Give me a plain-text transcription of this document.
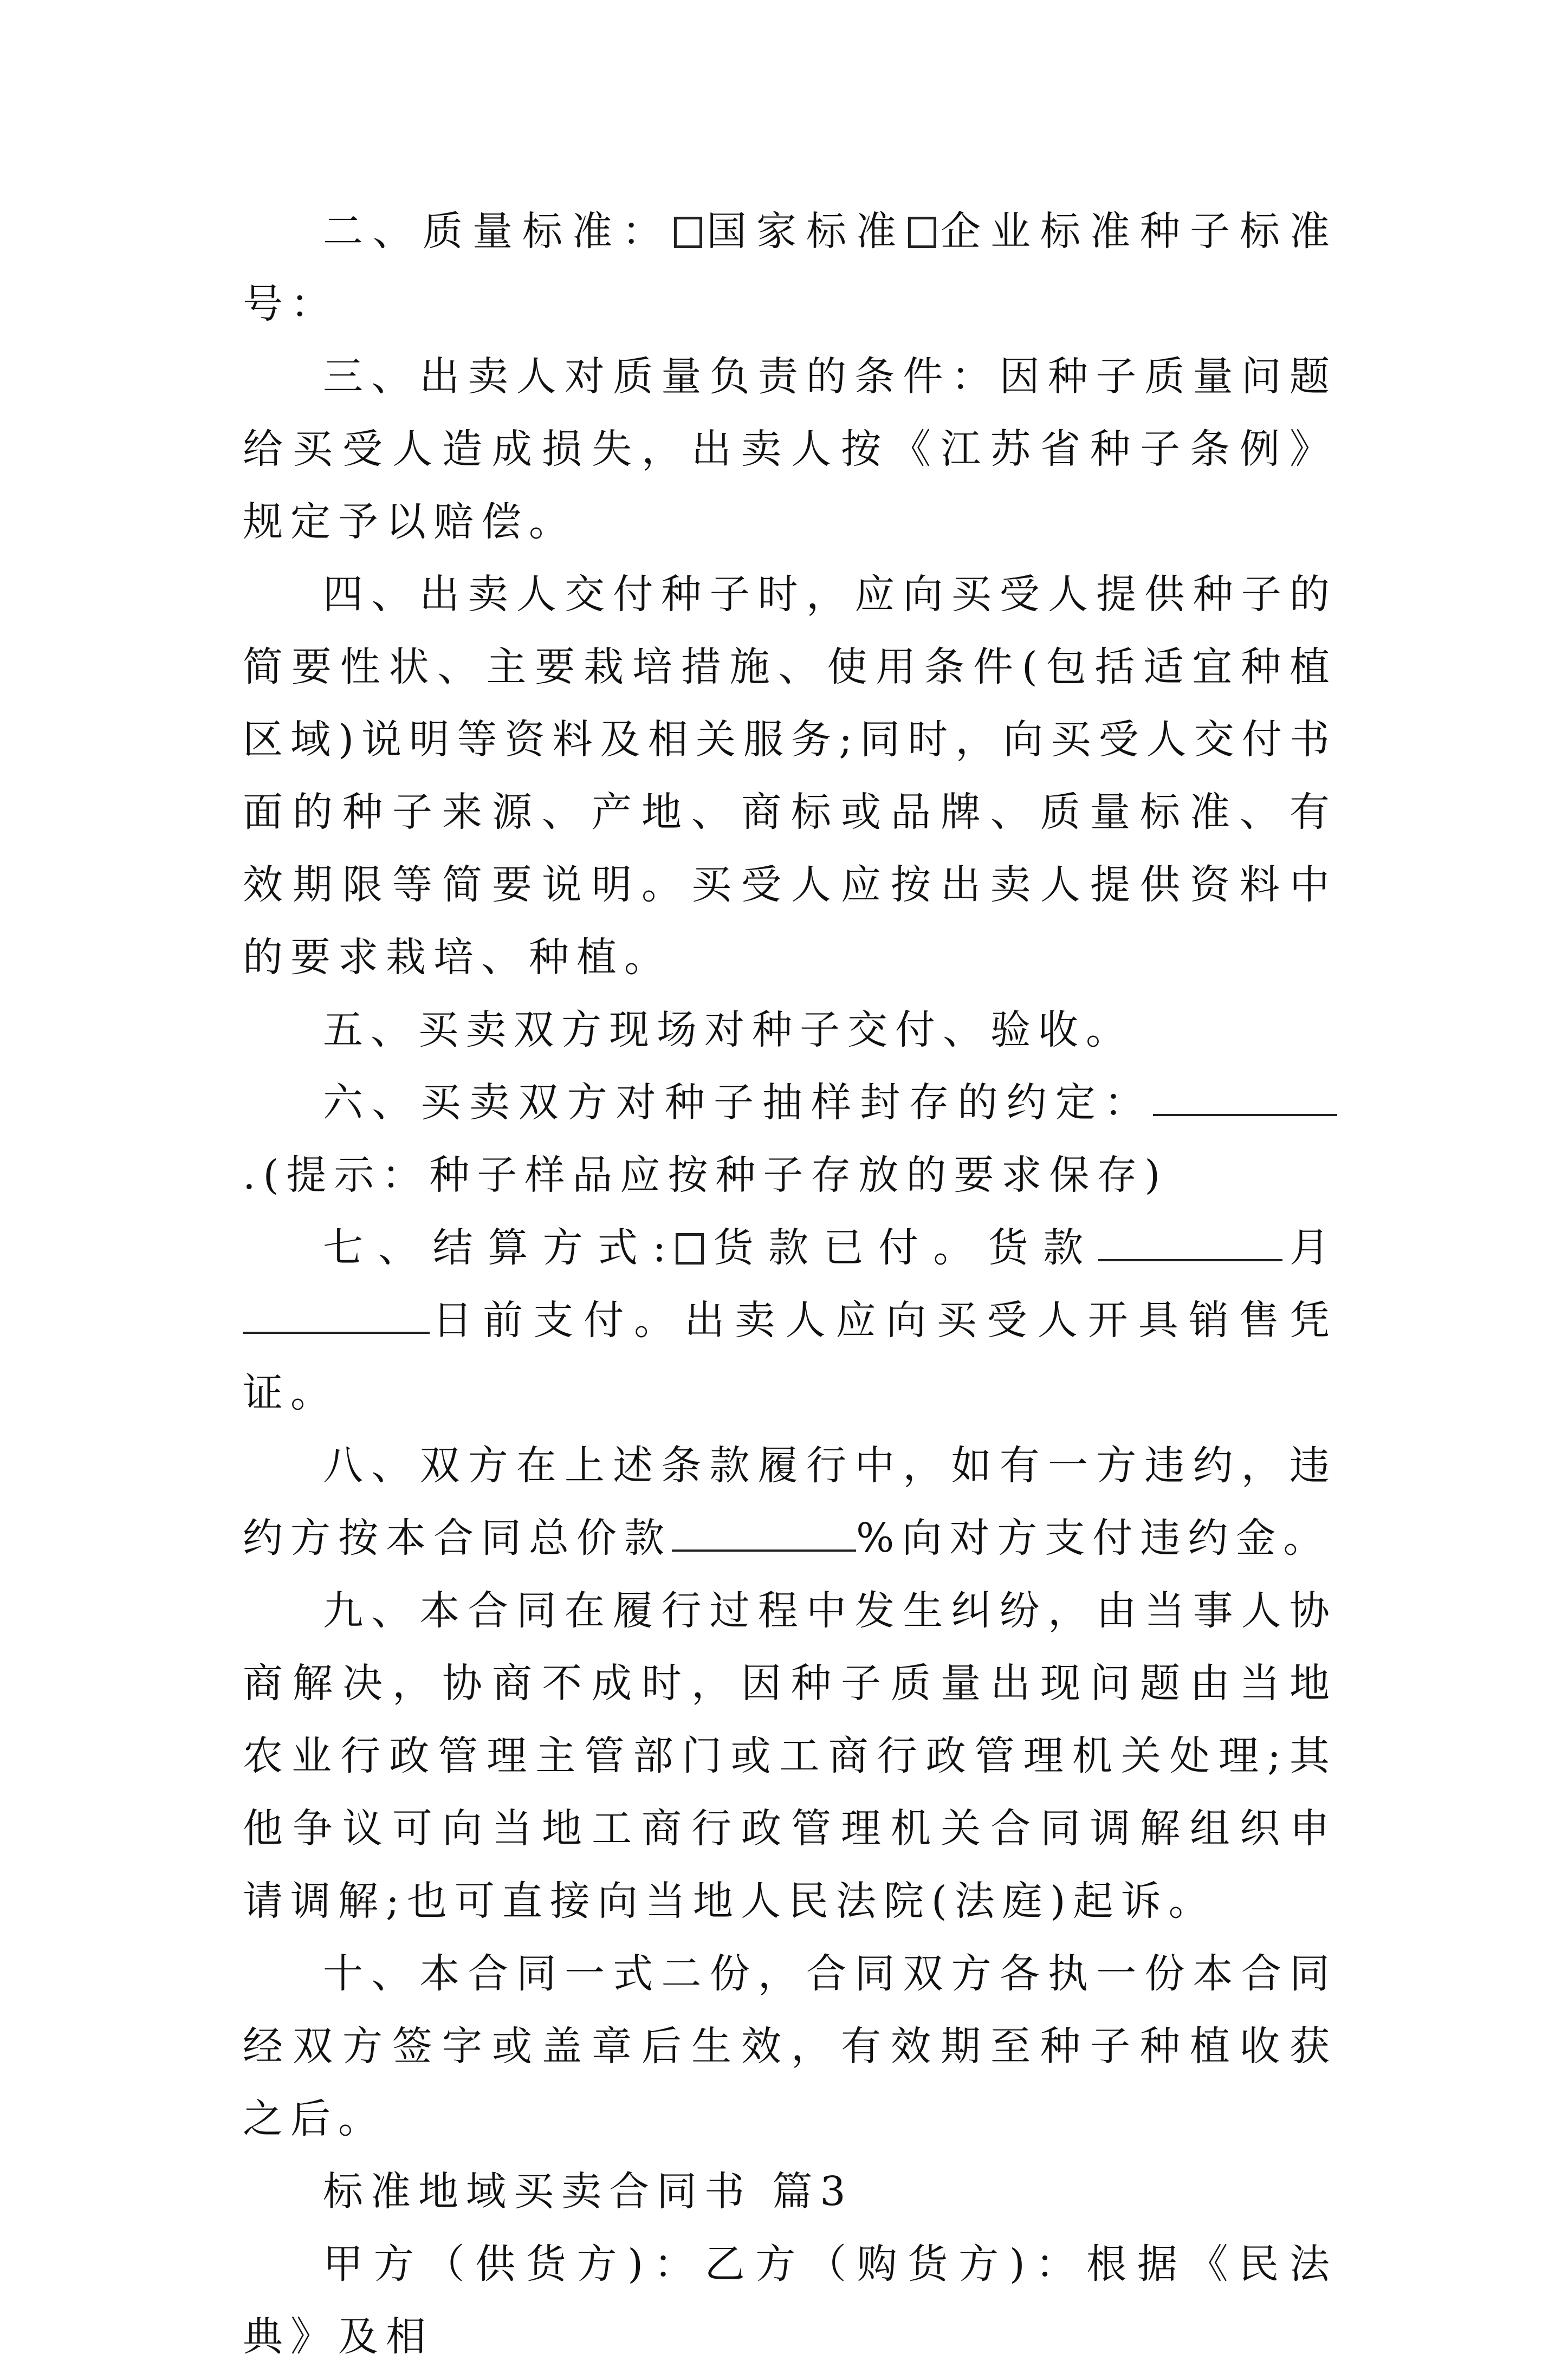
二、质量标准： 国家标准 企业标准种子标准号：

三、出卖人对质量负责的条件：因种子质量问题给买受人造成损失，出卖人按《江苏省种子条例》规定予以赔偿。

四、出卖人交付种子时，应向买受人提供种子的简要性状、主要栽培措施、使用条件(包括适宜种植区域)说明等资料及相关服务;同时，向买受人交付书面的种子来源、产地、商标或品牌、质量标准、有效期限等简要说明。买受人应按出卖人提供资料中的要求栽培、种植。

五、买卖双方现场对种子交付、验收。

六、买卖双方对种子抽样封存的约定：.(提示：种子样品应按种子存放的要求保存)

七、结算方式: 货款已付。货款	月日前支付。出卖人应向买受人开具销售凭证。

八、双方在上述条款履行中，如有一方违约，违约方按本合同总价款	%向对方支付违约金。

九、本合同在履行过程中发生纠纷，由当事人协商解决，协商不成时，因种子质量出现问题由当地农业行政管理主管部门或工商行政管理机关处理;其他争议可向当地工商行政管理机关合同调解组织申请调解;也可直接向当地人民法院(法庭)起诉。

十、本合同一式二份，合同双方各执一份本合同经双方签字或盖章后生效，有效期至种子种植收获之后。

标准地域买卖合同书 篇3

甲方（供货方)：乙方（购货方)：根据《民法典》及相
